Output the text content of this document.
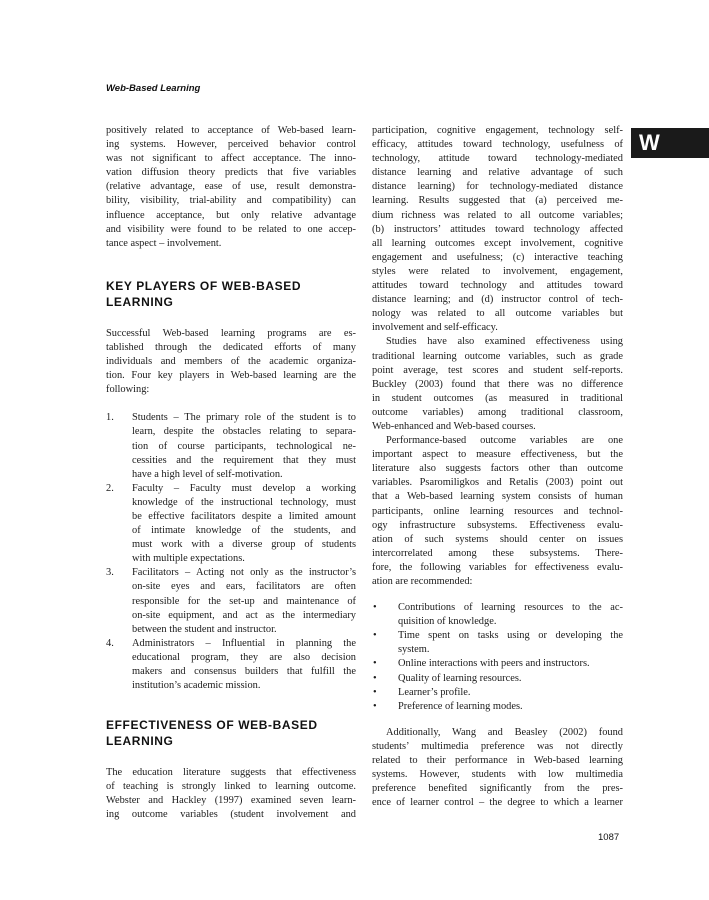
Web-Based Learning
W
positively related to acceptance of Web-based learn-
ing systems. However, perceived behavior control
was not significant to affect acceptance. The inno-
vation diffusion theory predicts that five variables
(relative advantage, ease of use, result demonstra-
bility, visibility, trial-ability and compatibility) can
influence acceptance, but only relative advantage
and visibility were found to be related to one accep-
tance aspect – involvement.
KEY PLAYERS OF WEB-BASED
LEARNING
Successful Web-based learning programs are es-
tablished through the dedicated efforts of many
individuals and members of the academic organiza-
tion. Four key players in Web-based learning are the
following:
1. Students – The primary role of the student is to
learn, despite the obstacles relating to separa-
tion of course participants, technological ne-
cessities and the requirement that they must
have a high level of self-motivation.
2. Faculty – Faculty must develop a working
knowledge of the instructional technology, must
be effective facilitators despite a limited amount
of intimate knowledge of the students, and
must work with a diverse group of students
with multiple expectations.
3. Facilitators – Acting not only as the instructor’s
on-site eyes and ears, facilitators are often
responsible for the set-up and maintenance of
on-site equipment, and act as the intermediary
between the student and instructor.
4. Administrators – Influential in planning the
educational program, they are also decision
makers and consensus builders that fulfill the
institution’s academic mission.
EFFECTIVENESS OF WEB-BASED
LEARNING
The education literature suggests that effectiveness
of teaching is strongly linked to learning outcome.
Webster and Hackley (1997) examined seven learn-
ing outcome variables (student involvement and
participation, cognitive engagement, technology self-
efficacy, attitudes toward technology, usefulness of
technology, attitude toward technology-mediated
distance learning and relative advantage of such
distance learning) for technology-mediated distance
learning. Results suggested that (a) perceived me-
dium richness was related to all outcome variables;
(b) instructors’ attitudes toward technology affected
all learning outcomes except involvement, cognitive
engagement and usefulness; (c) interactive teaching
styles were related to involvement, engagement,
attitudes toward technology and attitudes toward
distance learning; and (d) instructor control of tech-
nology was related to all outcome variables but
involvement and self-efficacy.
Studies have also examined effectiveness using
traditional learning outcome variables, such as grade
point average, test scores and student self-reports.
Buckley (2003) found that there was no difference
in student outcomes (as measured in traditional
outcome variables) among traditional classroom,
Web-enhanced and Web-based courses.
Performance-based outcome variables are one
important aspect to measure effectiveness, but the
literature also suggests factors other than outcome
variables. Psaromiligkos and Retalis (2003) point out
that a Web-based learning system consists of human
participants, online learning resources and technol-
ogy infrastructure subsystems. Effectiveness evalu-
ation of such systems should center on issues
intercorrelated among these subsystems. There-
fore, the following variables for effectiveness evalu-
ation are recommended:
• Contributions of learning resources to the ac-
quisition of knowledge.
• Time spent on tasks using or developing the
system.
• Online interactions with peers and instructors.
• Quality of learning resources.
• Learner’s profile.
• Preference of learning modes.
Additionally, Wang and Beasley (2002) found
students’ multimedia preference was not directly
related to their performance in Web-based learning
systems. However, students with low multimedia
preference benefited significantly from the pres-
ence of learner control – the degree to which a learner
1087
